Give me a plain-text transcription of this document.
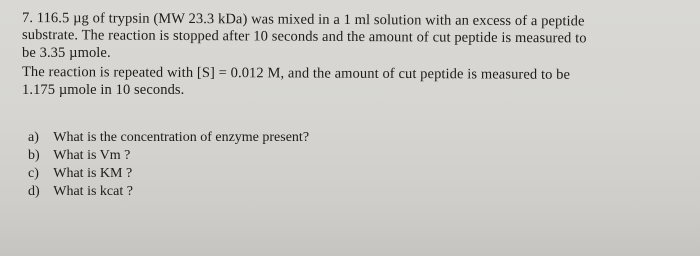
7. 116.5 µg of trypsin (MW 23.3 kDa) was mixed in a 1 ml solution with an excess of a peptide
substrate. The reaction is stopped after 10 seconds and the amount of cut peptide is measured to
be 3.35 µmole.
The reaction is repeated with [S] = 0.012 M, and the amount of cut peptide is measured to be
1.175 µmole in 10 seconds.
a) What is the concentration of enzyme present?
b) What is Vm ?
c) What is KM ?
d) What is kcat ?
